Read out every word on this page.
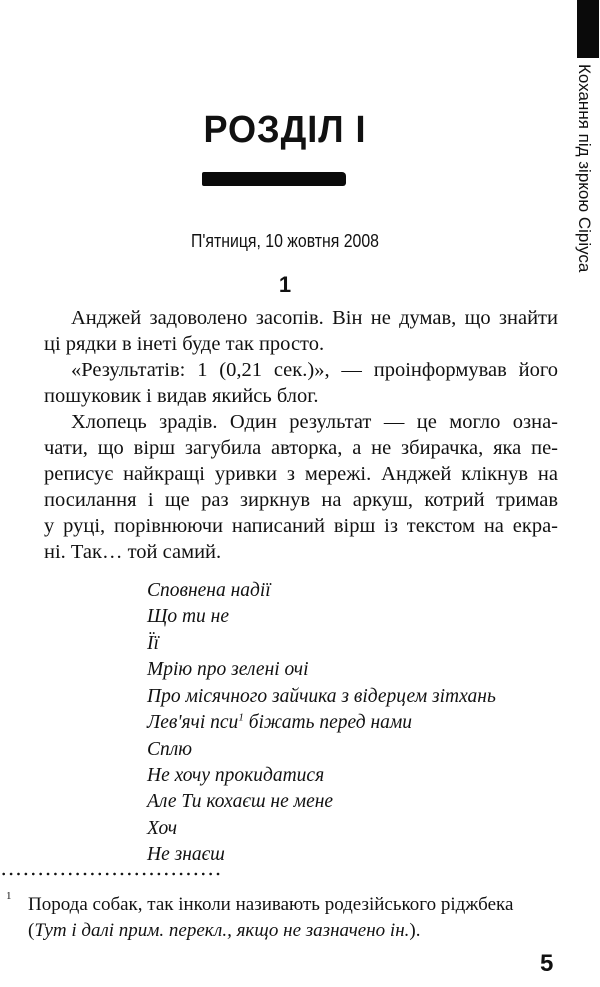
Кохання під зіркою Сіріуса
РОЗДІЛ І
П'ятниця, 10 жовтня 2008
1
Анджей задоволено засопів. Він не думав, що знайти
ці рядки в інеті буде так просто.
«Результатів: 1 (0,21 сек.)», — проінформував його
пошуковик і видав якийсь блог.
Хлопець зрадів. Один результат — це могло озна-
чати, що вірш загубила авторка, а не збирачка, яка пе-
реписує найкращі уривки з мережі. Анджей клікнув на
посилання і ще раз зиркнув на аркуш, котрий тримав
у руці, порівнюючи написаний вірш із текстом на екра-
ні. Так… той самий.
Сповнена надії
Що ти не
Її
Мрію про зелені очі
Про місячного зайчика з відерцем зітхань
Лев'ячі пси$^1$ біжать перед нами
Сплю
Не хочу прокидатися
Але Ти кохаєш не мене
Хоч
Не знаєш
1 Порода собак, так інколи називають родезійського ріджбека
(Тут і далі прим. перекл., якщо не зазначено ін.).
5
